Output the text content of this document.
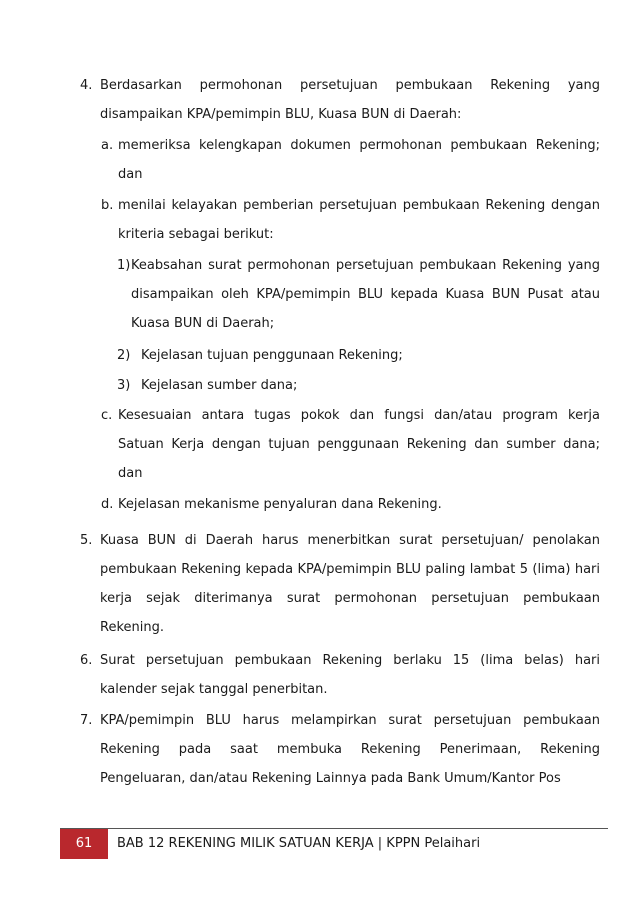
4. Berdasarkan permohonan persetujuan pembukaan Rekening yang disampaikan KPA/pemimpin BLU, Kuasa BUN di Daerah:
a. memeriksa kelengkapan dokumen permohonan pembukaan Rekening; dan
b. menilai kelayakan pemberian persetujuan pembukaan Rekening dengan kriteria sebagai berikut:
1) Keabsahan surat permohonan persetujuan pembukaan Rekening yang disampaikan oleh KPA/pemimpin BLU kepada Kuasa BUN Pusat atau Kuasa BUN di Daerah;
2) Kejelasan tujuan penggunaan Rekening;
3) Kejelasan sumber dana;
c. Kesesuaian antara tugas pokok dan fungsi dan/atau program kerja Satuan Kerja dengan tujuan penggunaan Rekening dan sumber dana; dan
d. Kejelasan mekanisme penyaluran dana Rekening.
5. Kuasa BUN di Daerah harus menerbitkan surat persetujuan/ penolakan pembukaan Rekening kepada KPA/pemimpin BLU paling lambat 5 (lima) hari kerja sejak diterimanya surat permohonan persetujuan pembukaan Rekening.
6. Surat persetujuan pembukaan Rekening berlaku 15 (lima belas) hari kalender sejak tanggal penerbitan.
7. KPA/pemimpin BLU harus melampirkan surat persetujuan pembukaan Rekening pada saat membuka Rekening Penerimaan, Rekening Pengeluaran, dan/atau Rekening Lainnya pada Bank Umum/Kantor Pos
61	BAB 12 REKENING MILIK SATUAN KERJA | KPPN Pelaihari
